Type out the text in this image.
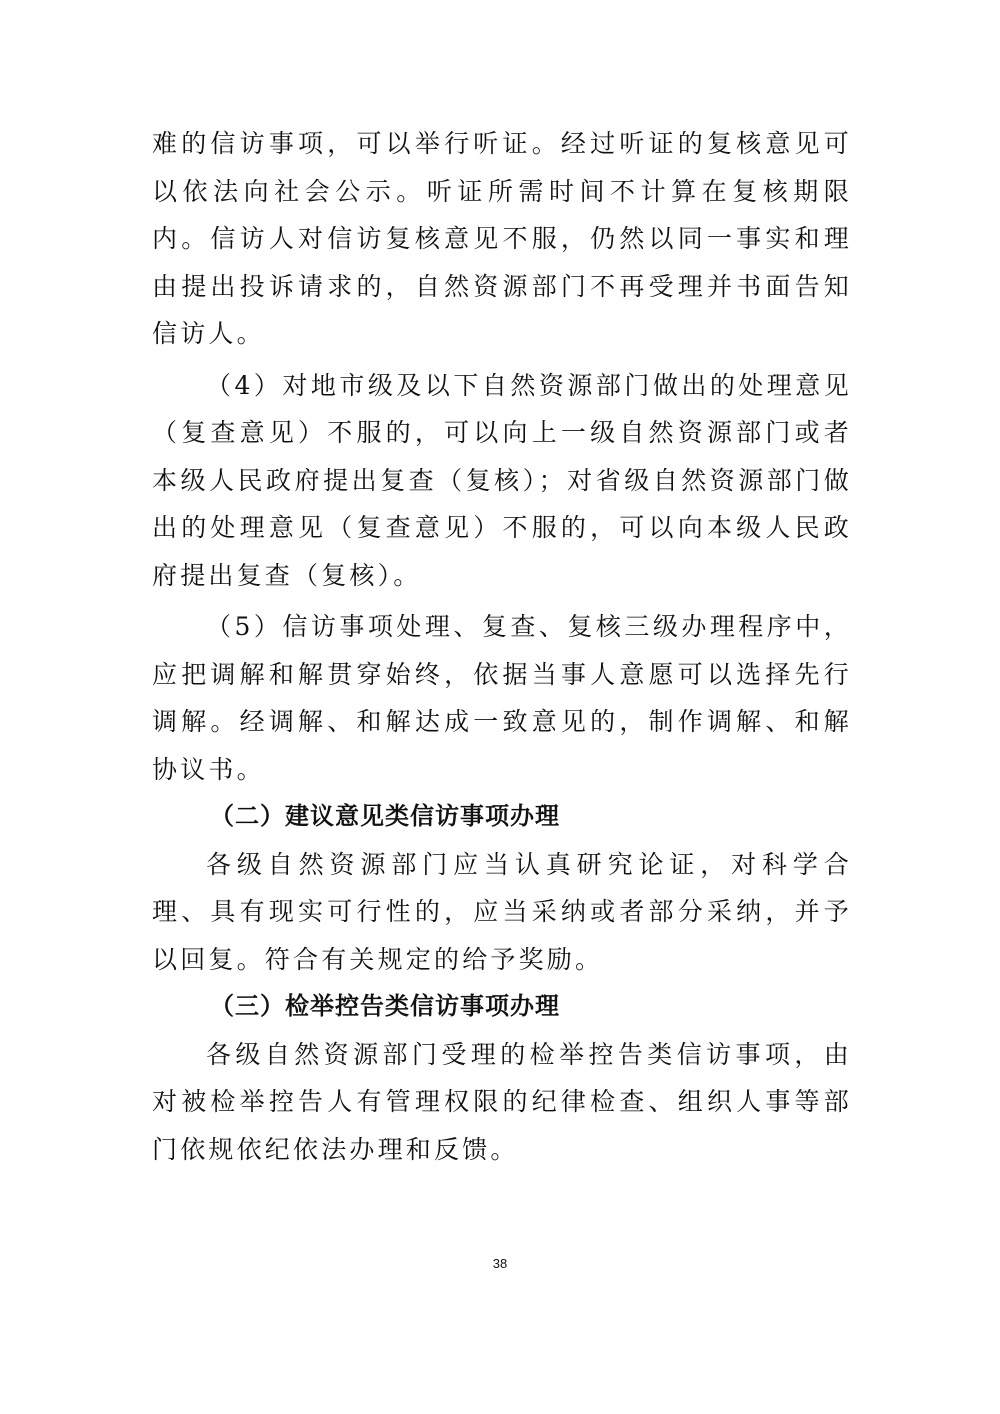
难的信访事项，可以举行听证。经过听证的复核意见可以依法向社会公示。听证所需时间不计算在复核期限内。信访人对信访复核意见不服，仍然以同一事实和理由提出投诉请求的，自然资源部门不再受理并书面告知信访人。

（4）对地市级及以下自然资源部门做出的处理意见（复查意见）不服的，可以向上一级自然资源部门或者本级人民政府提出复查（复核）；对省级自然资源部门做出的处理意见（复查意见）不服的，可以向本级人民政府提出复查（复核）。

（5）信访事项处理、复查、复核三级办理程序中，应把调解和解贯穿始终，依据当事人意愿可以选择先行调解。经调解、和解达成一致意见的，制作调解、和解协议书。

（二）建议意见类信访事项办理

各级自然资源部门应当认真研究论证，对科学合理、具有现实可行性的，应当采纳或者部分采纳，并予以回复。符合有关规定的给予奖励。

（三）检举控告类信访事项办理

各级自然资源部门受理的检举控告类信访事项，由对被检举控告人有管理权限的纪律检查、组织人事等部门依规依纪依法办理和反馈。

38
